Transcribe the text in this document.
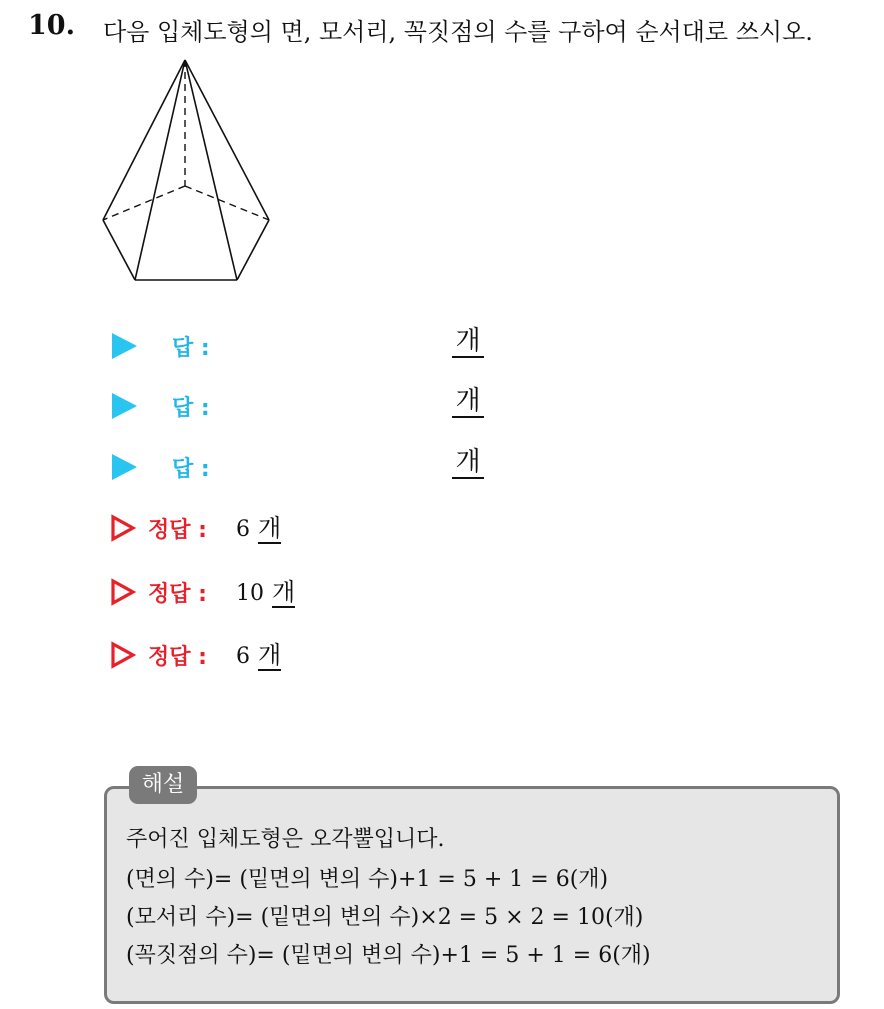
10. 다음 입체도형의 면, 모서리, 꼭짓점의 수를 구하여 순서대로 쓰시오.
답 :	개
답 :	개
답 :	개
정답 : 6 개
정답 : 10 개
정답 : 6 개
해설
주어진 입체도형은 오각뿔입니다.
(면의 수)= (밑면의 변의 수)+1 = 5 + 1 = 6(개)
(모서리 수)= (밑면의 변의 수)×2 = 5 × 2 = 10(개)
(꼭짓점의 수)= (밑면의 변의 수)+1 = 5 + 1 = 6(개)
